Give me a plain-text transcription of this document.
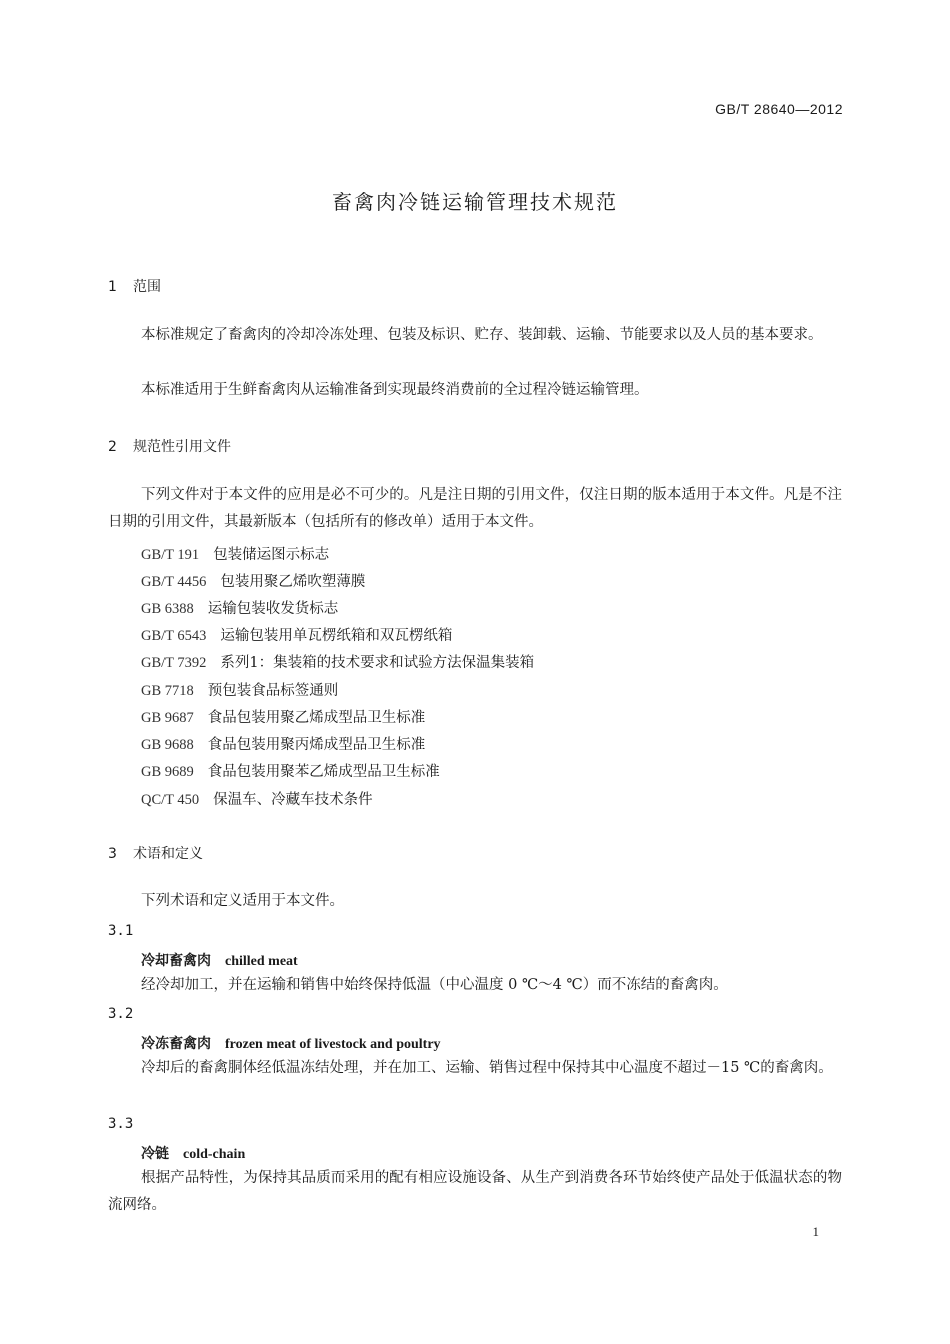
GB/T 28640—2012
畜禽肉冷链运输管理技术规范
1 范围
本标准规定了畜禽肉的冷却冷冻处理、包装及标识、贮存、装卸载、运输、节能要求以及人员的基本要求。
本标准适用于生鲜畜禽肉从运输准备到实现最终消费前的全过程冷链运输管理。
2 规范性引用文件
下列文件对于本文件的应用是必不可少的。凡是注日期的引用文件，仅注日期的版本适用于本文件。凡是不注日期的引用文件，其最新版本（包括所有的修改单）适用于本文件。
GB/T 191 包装储运图示标志
GB/T 4456 包装用聚乙烯吹塑薄膜
GB 6388 运输包装收发货标志
GB/T 6543 运输包装用单瓦楞纸箱和双瓦楞纸箱
GB/T 7392 系列1：集装箱的技术要求和试验方法保温集装箱
GB 7718 预包装食品标签通则
GB 9687 食品包装用聚乙烯成型品卫生标准
GB 9688 食品包装用聚丙烯成型品卫生标准
GB 9689 食品包装用聚苯乙烯成型品卫生标准
QC/T 450 保温车、冷藏车技术条件
3 术语和定义
下列术语和定义适用于本文件。
3.1
冷却畜禽肉 chilled meat
经冷却加工，并在运输和销售中始终保持低温（中心温度 0 ℃～4 ℃）而不冻结的畜禽肉。
3.2
冷冻畜禽肉 frozen meat of livestock and poultry
冷却后的畜禽胴体经低温冻结处理，并在加工、运输、销售过程中保持其中心温度不超过－15 ℃的畜禽肉。
3.3
冷链 cold-chain
根据产品特性，为保持其品质而采用的配有相应设施设备、从生产到消费各环节始终使产品处于低温状态的物流网络。
1
